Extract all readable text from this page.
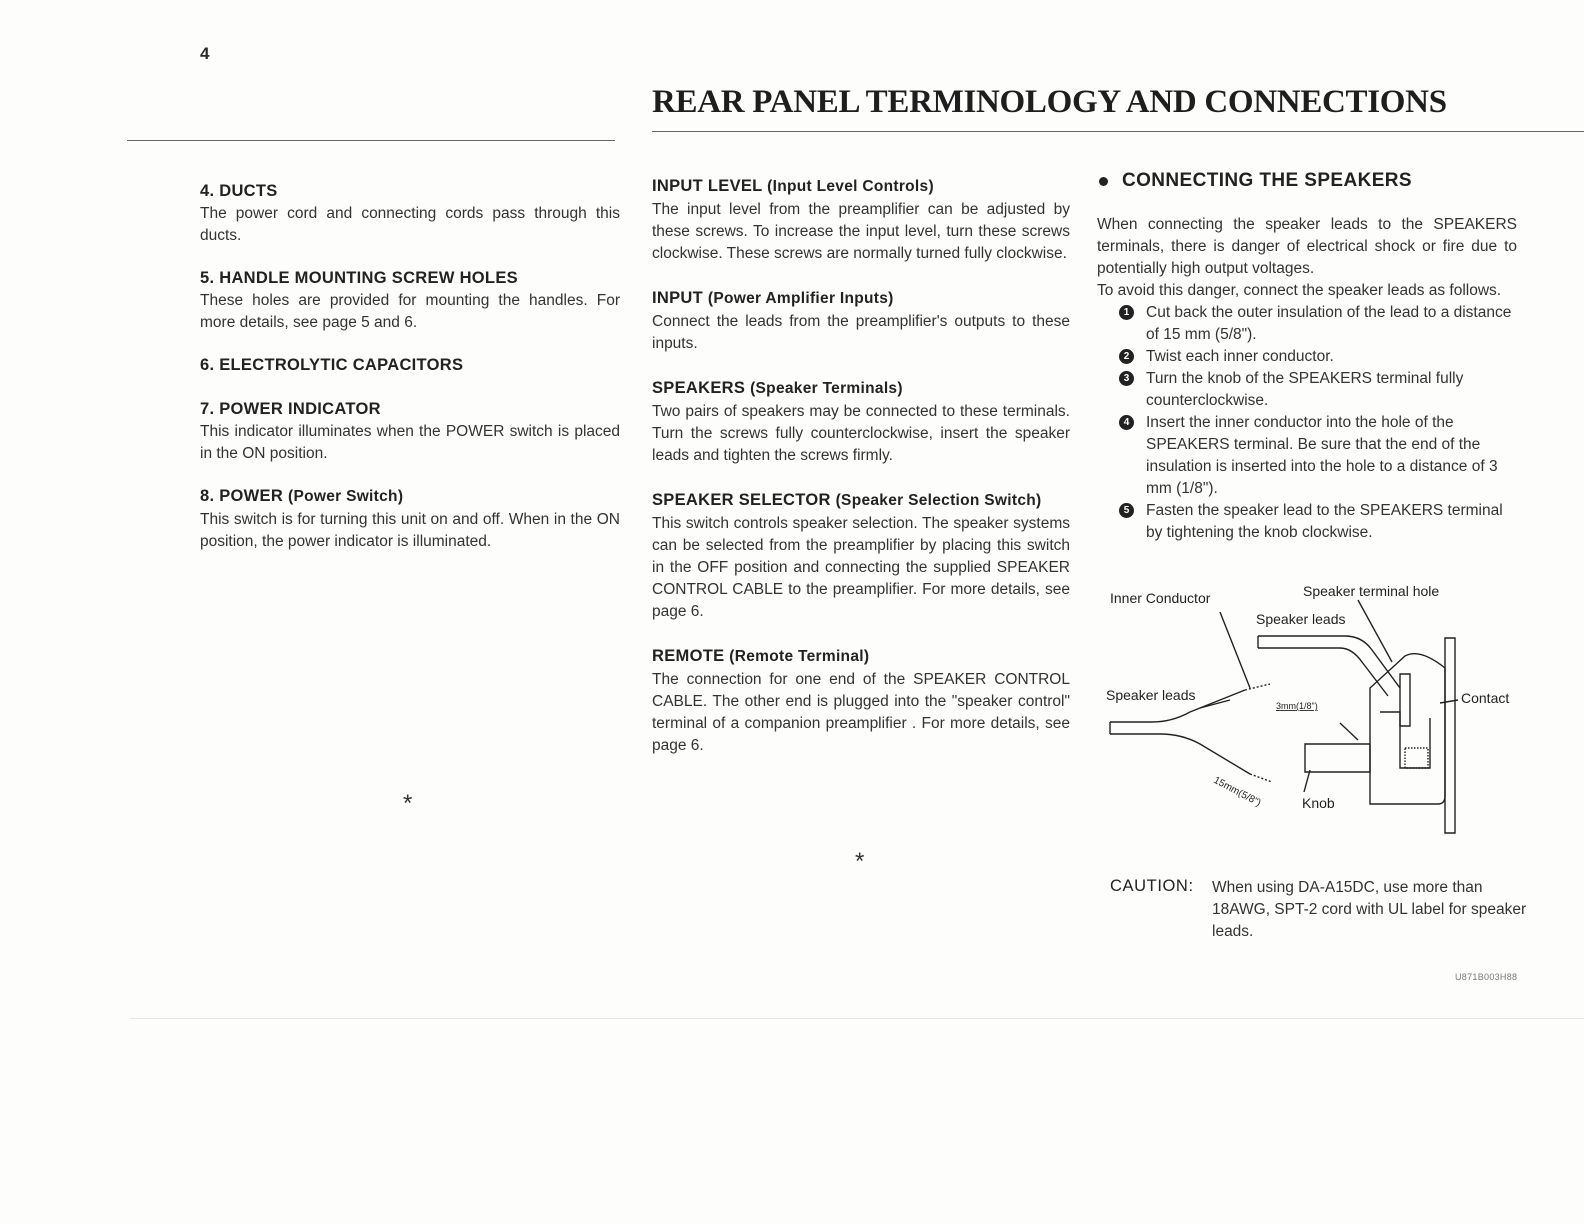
4
REAR PANEL TERMINOLOGY AND CONNECTIONS
4. DUCTS

The power cord and connecting cords pass through this ducts.

5. HANDLE MOUNTING SCREW HOLES

These holes are provided for mounting the handles. For more details, see page 5 and 6.

6. ELECTROLYTIC CAPACITORS
7. POWER INDICATOR

This indicator illuminates when the POWER switch is placed in the ON position.

8. POWER (Power Switch)

This switch is for turning this unit on and off. When in the ON position, the power indicator is illuminated.

*
INPUT LEVEL (Input Level Controls)

The input level from the preamplifier can be adjusted by these screws. To increase the input level, turn these screws clockwise. These screws are normally turned fully clockwise.

INPUT (Power Amplifier Inputs)

Connect the leads from the preamplifier's outputs to these inputs.

SPEAKERS (Speaker Terminals)

Two pairs of speakers may be connected to these terminals. Turn the screws fully counterclockwise, insert the speaker leads and tighten the screws firmly.

SPEAKER SELECTOR (Speaker Selection Switch)

This switch controls speaker selection. The speaker systems can be selected from the preamplifier by placing this switch in the OFF position and connecting the supplied SPEAKER CONTROL CABLE to the preamplifier. For more details, see page 6.

REMOTE (Remote Terminal)

The connection for one end of the SPEAKER CONTROL CABLE. The other end is plugged into the "speaker control" terminal of a companion preamplifier . For more details, see page 6.

*
CONNECTING THE SPEAKERS

When connecting the speaker leads to the SPEAKERS terminals, there is danger of electrical shock or fire due to potentially high output voltages.

To avoid this danger, connect the speaker leads as follows.

1	Cut back the outer insulation of the lead to a distance of 15 mm (5/8").
2	Twist each inner conductor.
3	Turn the knob of the SPEAKERS terminal fully counterclockwise.
4	Insert the inner conductor into the hole of the SPEAKERS terminal. Be sure that the end of the insulation is inserted into the hole to a distance of 3 mm (1/8").
5	Fasten the speaker lead to the SPEAKERS terminal by tightening the knob clockwise.
Inner Conductor	Speaker terminal hole
Speaker leads
Speaker leads	Contact
3mm(1/8")
15mm(5/8")	Knob
CAUTION:	When using DA-A15DC, use more than 18AWG, SPT-2 cord with UL label for speaker leads.
U871B003H88
